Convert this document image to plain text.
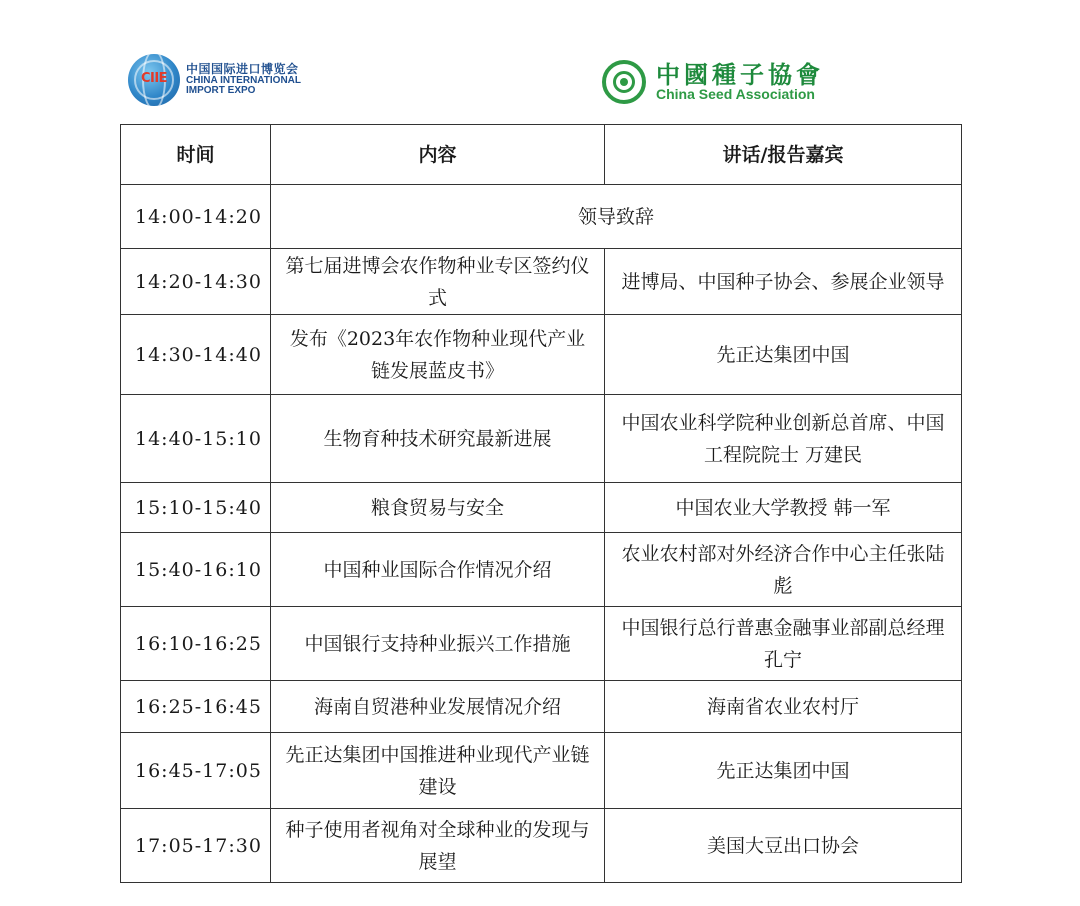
CIIE
中国国际进口博览会
CHINA INTERNATIONAL
IMPORT EXPO
中國種子協會
China Seed Association
时间	内容	讲话/报告嘉宾
14:00-14:20	领导致辞	
14:20-14:30	第七届进博会农作物种业专区签约仪式	进博局、中国种子协会、参展企业领导
14:30-14:40	发布《2023年农作物种业现代产业链发展蓝皮书》	先正达集团中国
14:40-15:10	生物育种技术研究最新进展	中国农业科学院种业创新总首席、中国工程院院士 万建民
15:10-15:40	粮食贸易与安全	中国农业大学教授 韩一军
15:40-16:10	中国种业国际合作情况介绍	农业农村部对外经济合作中心主任张陆彪
16:10-16:25	中国银行支持种业振兴工作措施	中国银行总行普惠金融事业部副总经理 孔宁
16:25-16:45	海南自贸港种业发展情况介绍	海南省农业农村厅
16:45-17:05	先正达集团中国推进种业现代产业链建设	先正达集团中国
17:05-17:30	种子使用者视角对全球种业的发现与展望	美国大豆出口协会
